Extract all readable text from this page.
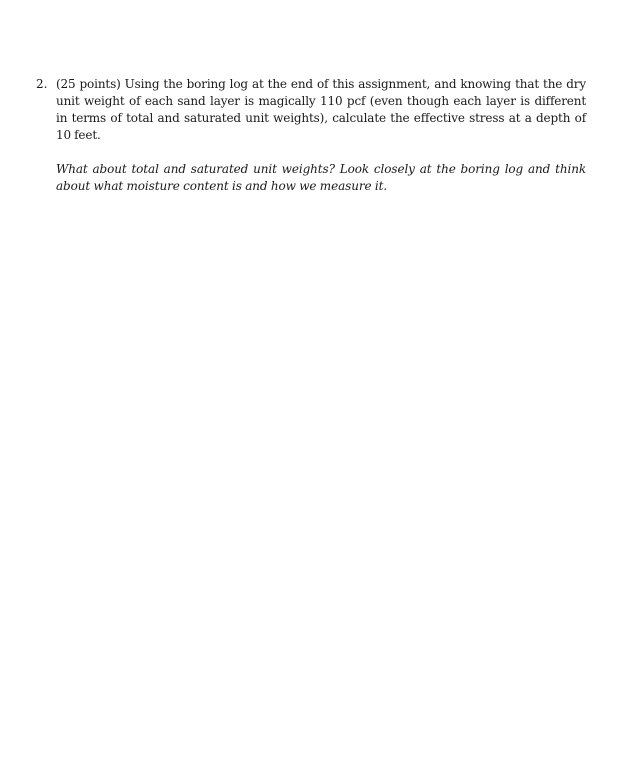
2. (25 points) Using the boring log at the end of this assignment, and knowing that the dry
unit weight of each sand layer is magically 110 pcf (even though each layer is different
in terms of total and saturated unit weights), calculate the effective stress at a depth of
10 feet.
What about total and saturated unit weights? Look closely at the boring log and think
about what moisture content is and how we measure it.
